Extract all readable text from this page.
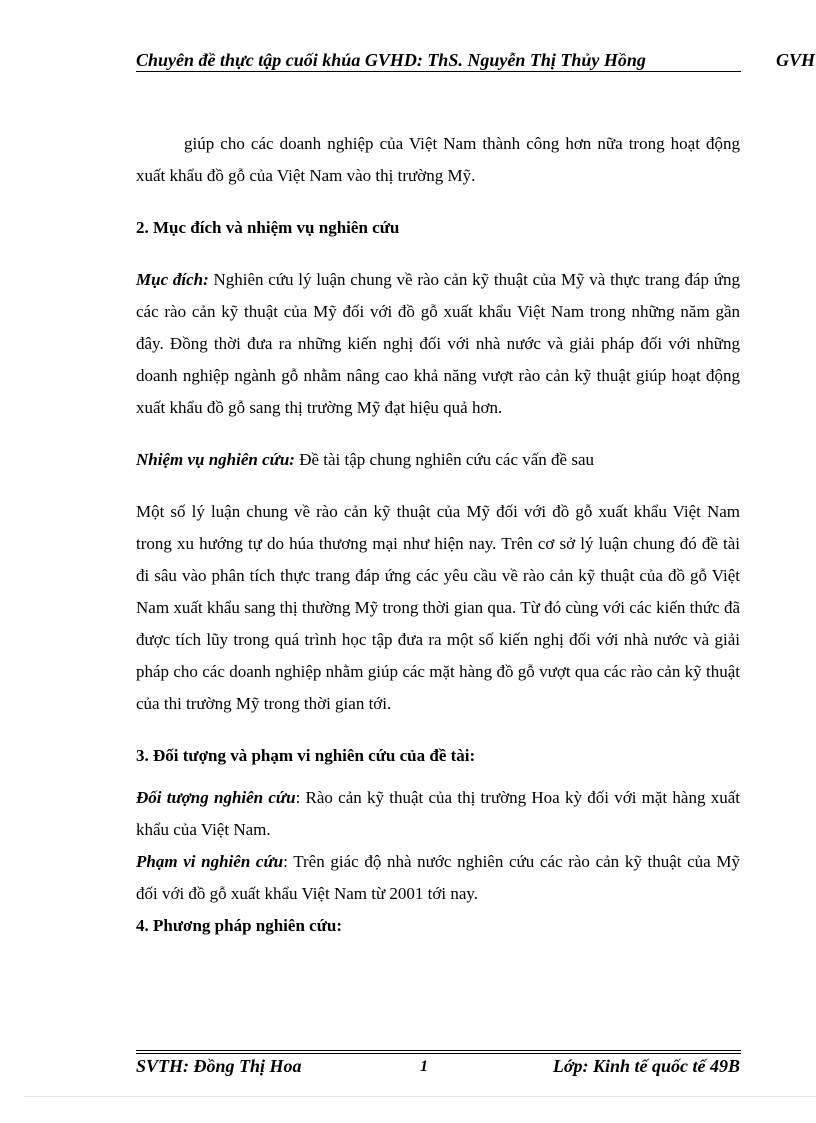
Chuyên đề thực tập cuối khúa GVHD: ThS. Nguyễn Thị Thủy Hồng	GVH

giúp cho các doanh nghiệp của Việt Nam thành công hơn nữa trong hoạt động xuất khẩu đồ gỗ của Việt Nam vào thị trường Mỹ.

2. Mục đích và nhiệm vụ nghiên cứu

Mục đích: Nghiên cứu lý luận chung về rào cản kỹ thuật của Mỹ và thực trang đáp ứng các rào cản kỹ thuật của Mỹ đối với đồ gỗ xuất khẩu Việt Nam trong những năm gần đây. Đồng thời đưa ra những kiến nghị đối với nhà nước và giải pháp đối với những doanh nghiệp ngành gỗ nhằm nâng cao khả năng vượt rào cản kỹ thuật giúp hoạt động xuất khẩu đồ gỗ sang thị trường Mỹ đạt hiệu quả hơn.

Nhiệm vụ nghiên cứu: Đề tài tập chung nghiên cứu các vấn đề sau

Một số lý luận chung về rào cản kỹ thuật của Mỹ đối với đồ gỗ xuất khẩu Việt Nam trong xu hướng tự do húa thương mại như hiện nay. Trên cơ sở lý luận chung đó đề tài đi sâu vào phân tích thực trang đáp ứng các yêu cầu về rào cản kỹ thuật của đồ gỗ Việt Nam xuất khẩu sang thị thường Mỹ trong thời gian qua. Từ đó cùng với các kiến thức đã được tích lũy trong quá trình học tập đưa ra một số kiến nghị đối với nhà nước và giải pháp cho các doanh nghiệp nhằm giúp các mặt hàng đồ gỗ vượt qua các rào cản kỹ thuật của thi trường Mỹ trong thời gian tới.

3. Đối tượng và phạm vi nghiên cứu của đề tài:

Đối tượng nghiên cứu: Rào cản kỹ thuật của thị trường Hoa kỳ đối với mặt hàng xuất khẩu của Việt Nam.

Phạm vi nghiên cứu: Trên giác độ nhà nước nghiên cứu các rào cản kỹ thuật của Mỹ đối với đồ gỗ xuất khẩu Việt Nam từ 2001 tới nay.

4. Phương pháp nghiên cứu:

SVTH: Đồng Thị Hoa	1	Lớp: Kinh tế quốc tế 49B
